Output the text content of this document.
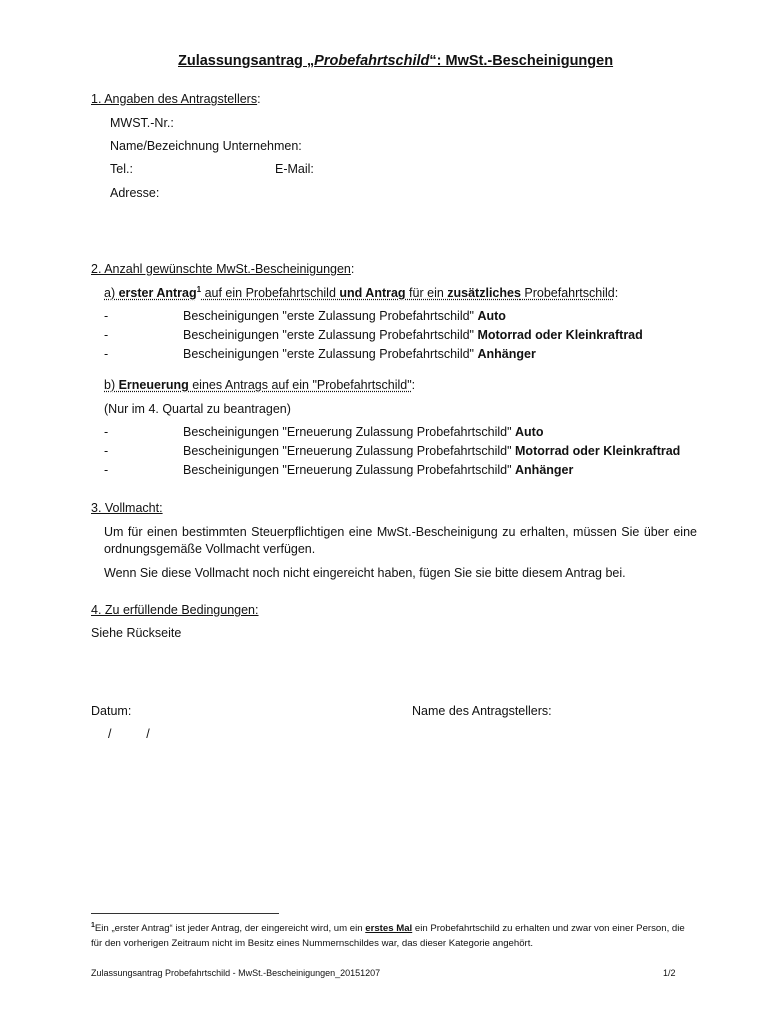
Zulassungsantrag „Probefahrtschild“: MwSt.-Bescheinigungen
1. Angaben des Antragstellers:
MWST.-Nr.:
Name/Bezeichnung Unternehmen:
Tel.:	E-Mail:
Adresse:
2. Anzahl gewünschte MwSt.-Bescheinigungen:
a) erster Antrag$^1$ auf ein Probefahrtschild und Antrag für ein zusätzliches Probefahrtschild:
-	Bescheinigungen "erste Zulassung Probefahrtschild" Auto
-	Bescheinigungen "erste Zulassung Probefahrtschild" Motorrad oder Kleinkraftrad
-	Bescheinigungen "erste Zulassung Probefahrtschild" Anhänger
b) Erneuerung eines Antrags auf ein "Probefahrtschild":
(Nur im 4. Quartal zu beantragen)
-	Bescheinigungen "Erneuerung Zulassung Probefahrtschild" Auto
-	Bescheinigungen "Erneuerung Zulassung Probefahrtschild" Motorrad oder Kleinkraftrad
-	Bescheinigungen "Erneuerung Zulassung Probefahrtschild" Anhänger
3. Vollmacht:
Um für einen bestimmten Steuerpflichtigen eine MwSt.-Bescheinigung zu erhalten, müssen Sie über eine ordnungsgemäße Vollmacht verfügen.
Wenn Sie diese Vollmacht noch nicht eingereicht haben, fügen Sie sie bitte diesem Antrag bei.
4. Zu erfüllende Bedingungen:
Siehe Rückseite
Datum:
/          /
Name des Antragstellers:
$^1$Ein „erster Antrag“ ist jeder Antrag, der eingereicht wird, um ein erstes Mal ein Probefahrtschild zu erhalten und zwar von einer Person, die für den vorherigen Zeitraum nicht im Besitz eines Nummernschildes war, das dieser Kategorie angehört.
Zulassungsantrag Probefahrtschild - MwSt.-Bescheinigungen_20151207	1/2
